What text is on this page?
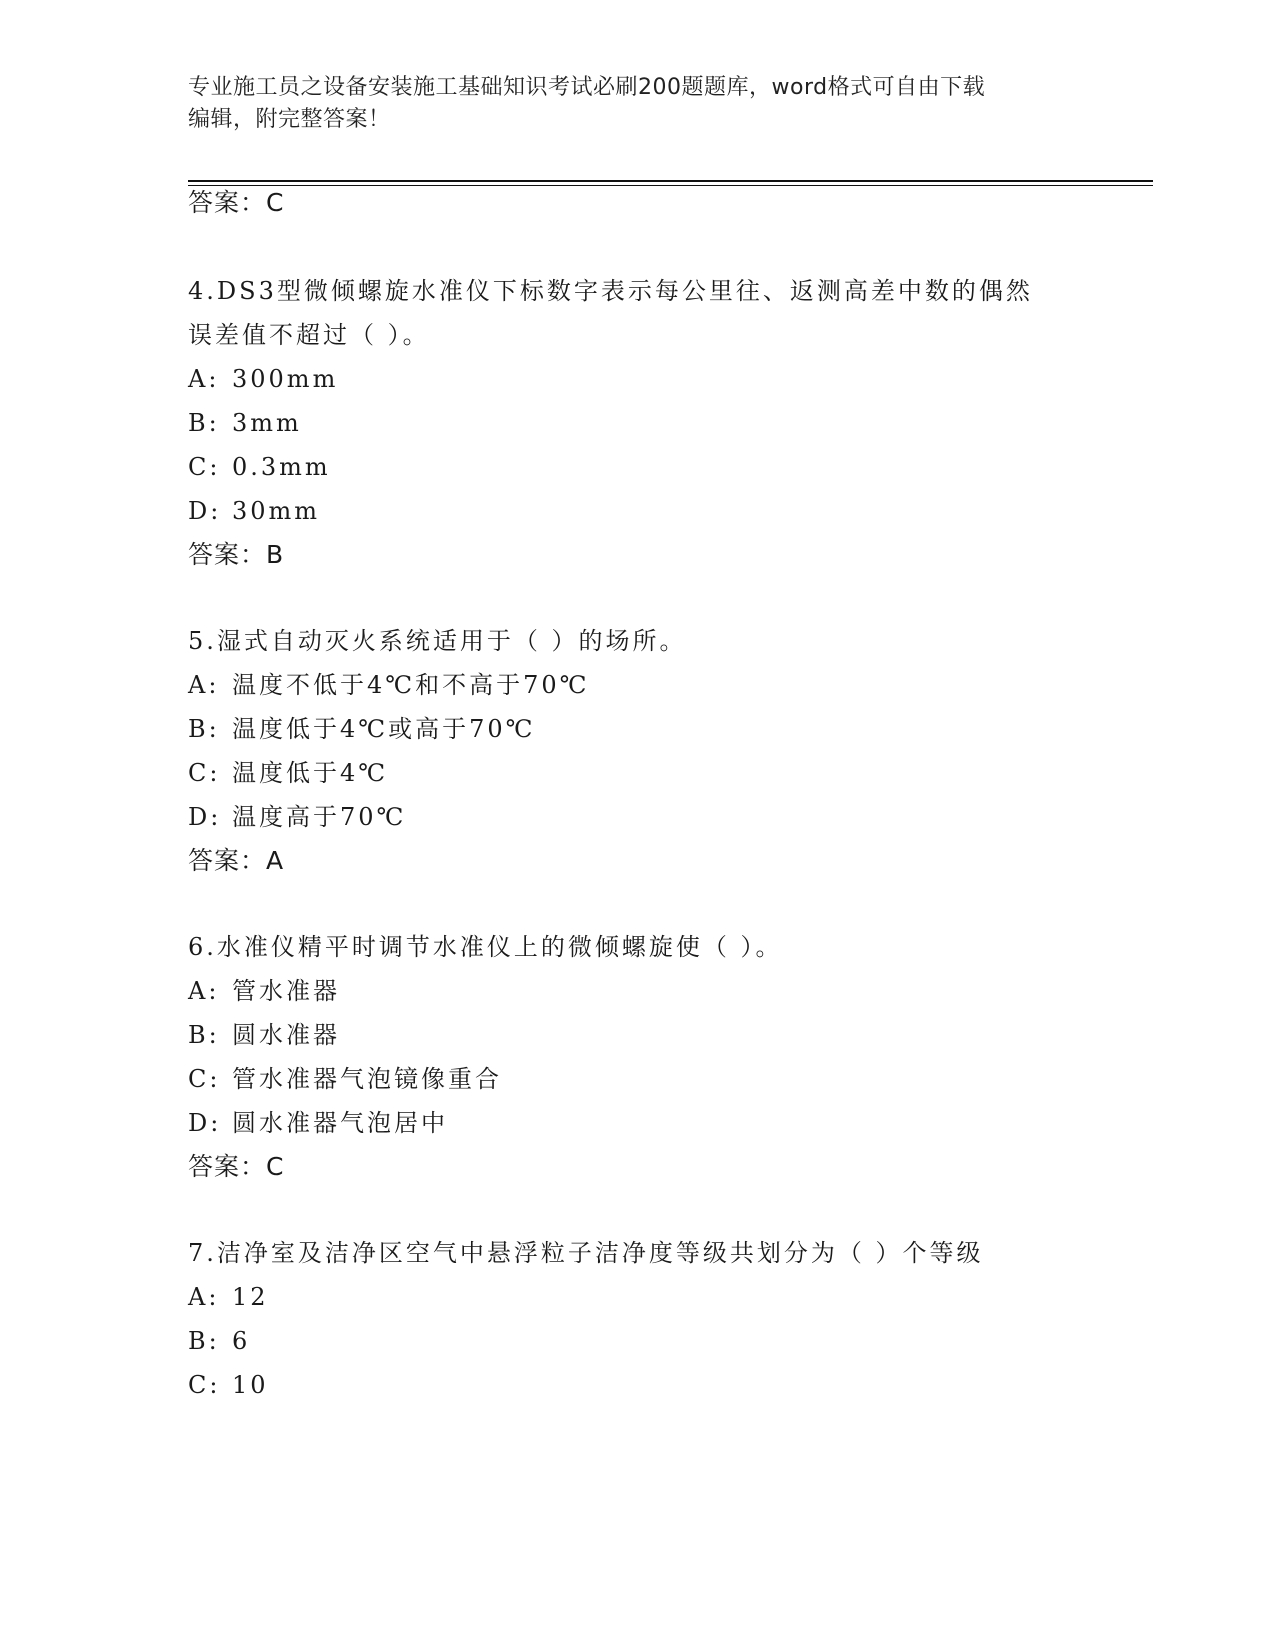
专业施工员之设备安装施工基础知识考试必刷200题题库，word格式可自由下载
编辑，附完整答案！
答案：C
4.DS3型微倾螺旋水准仪下标数字表示每公里往、返测高差中数的偶然
误差值不超过（ ）。
A: 300mm
B: 3mm
C: 0.3mm
D: 30mm
答案：B
5.湿式自动灭火系统适用于（ ）的场所。
A: 温度不低于4℃和不高于70℃
B: 温度低于4℃或高于70℃
C: 温度低于4℃
D: 温度高于70℃
答案：A
6.水准仪精平时调节水准仪上的微倾螺旋使（ ）。
A: 管水准器
B: 圆水准器
C: 管水准器气泡镜像重合
D: 圆水准器气泡居中
答案：C
7.洁净室及洁净区空气中悬浮粒子洁净度等级共划分为（ ）个等级
A: 12
B: 6
C: 10
